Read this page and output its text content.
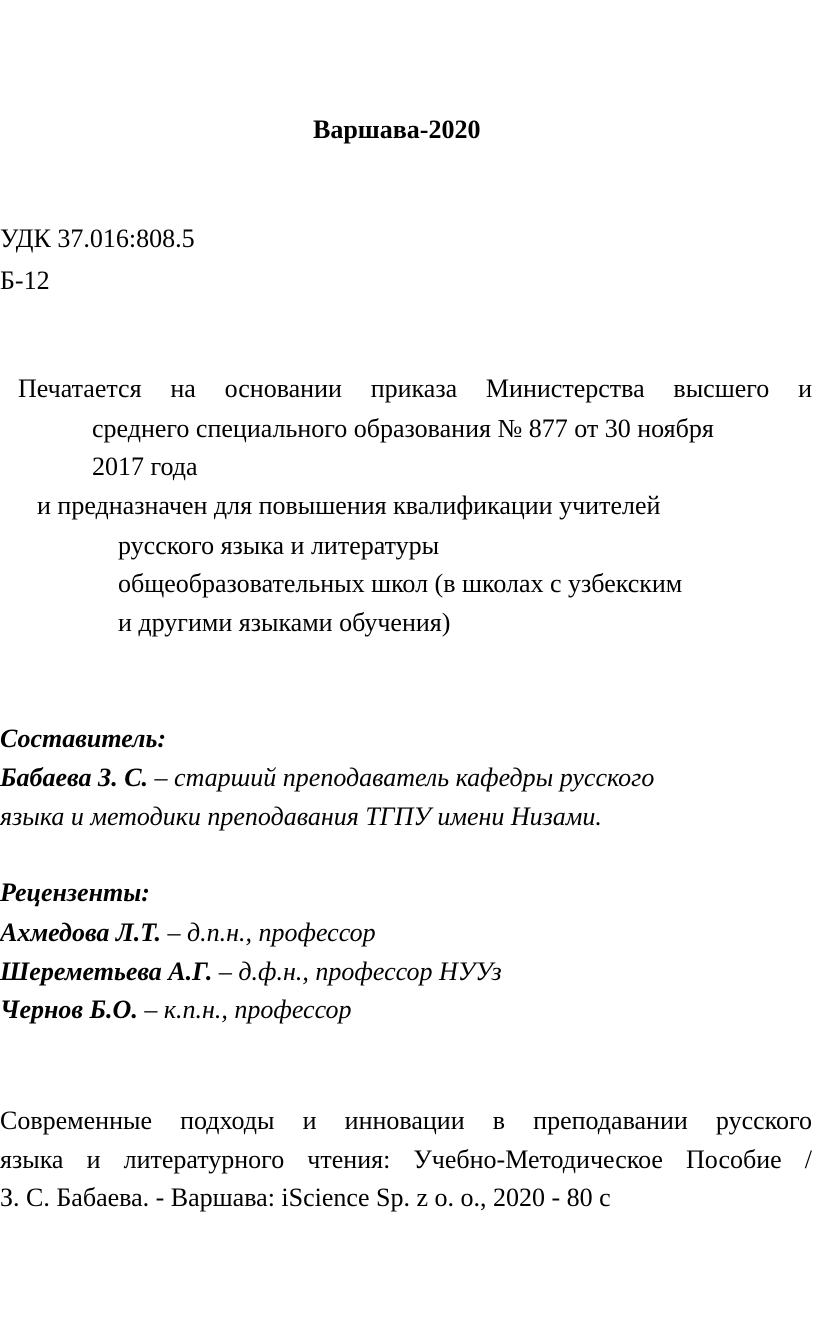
Варшава-2020
УДК 37.016:808.5
Б-12
Печатается на основании приказа Министерства высшего и
среднего специального образования № 877 от 30 ноября
2017 года
и предназначен для повышения квалификации учителей
русского языка и литературы
общеобразовательных школ (в школах с узбекским
и другими языками обучения)
Составитель:
Бабаева З. С. – старший преподаватель кафедры русского
языка и методики преподавания ТГПУ имени Низами.
Рецензенты:
Ахмедова Л.Т. – д.п.н., профессор
Шереметьева А.Г. – д.ф.н., профессор НУУз
Чернов Б.О. – к.п.н., профессор
Современные подходы и инновации в преподавании русского
языка и литературного чтения: Учебно-Методическое Пособие /
З. С. Бабаева. - Варшава: iScience Sp. z o. o., 2020 - 80 с
